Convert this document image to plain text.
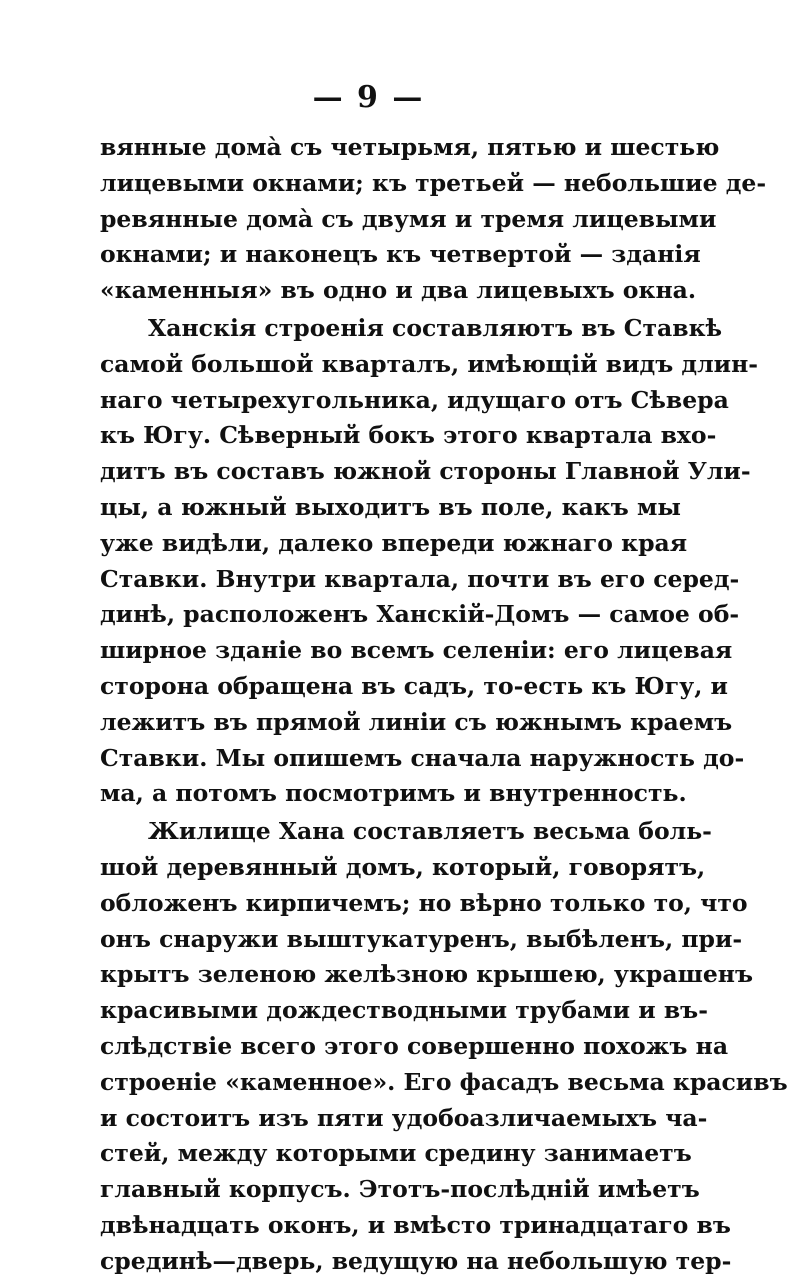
— 9 —
вянные домà съ четырьмя, пятью и шестью
лицевыми окнами; къ третьей — небольшие де-
ревянные домà съ двумя и тремя лицевыми
окнами; и наконецъ къ четвертой — зданія
«каменныя» въ одно и два лицевыхъ окна.
Ханскія строенія составляютъ въ Ставкѣ
самой большой кварталъ, имѣющій видъ длин-
наго четырехугольника, идущаго отъ Сѣвера
къ Югу. Сѣверный бокъ этого квартала вхо-
дитъ въ составъ южной стороны Главной Ули-
цы, а южный выходитъ въ поле, какъ мы
уже видѣли, далеко впереди южнаго края
Ставки. Внутри квартала, почти въ его серед-
динѣ, расположенъ Ханскій-Домъ — самое об-
ширное зданіе во всемъ селеніи: его лицевая
сторона обращена въ садъ, то-есть къ Югу, и
лежитъ въ прямой линіи съ южнымъ краемъ
Ставки. Мы опишемъ сначала наружность до-
ма, а потомъ посмотримъ и внутренность.
Жилище Хана составляетъ весьма боль-
шой деревянный домъ, который, говорятъ,
обложенъ кирпичемъ; но вѣрно только то, что
онъ снаружи выштукатуренъ, выбѣленъ, при-
крытъ зеленою желѣзною крышею, украшенъ
красивыми дождестводными трубами и въ-
слѣдствіе всего этого совершенно похожъ на
строеніе «каменное». Его фасадъ весьма красивъ
и состоитъ изъ пяти удобоазличаемыхъ ча-
стей, между которыми средину занимаетъ
главный корпусъ. Этотъ-послѣдній имѣетъ
двѣнадцать оконъ, и вмѣсто тринадцатаго въ
срединѣ—дверь, ведущую на небольшую тер-
